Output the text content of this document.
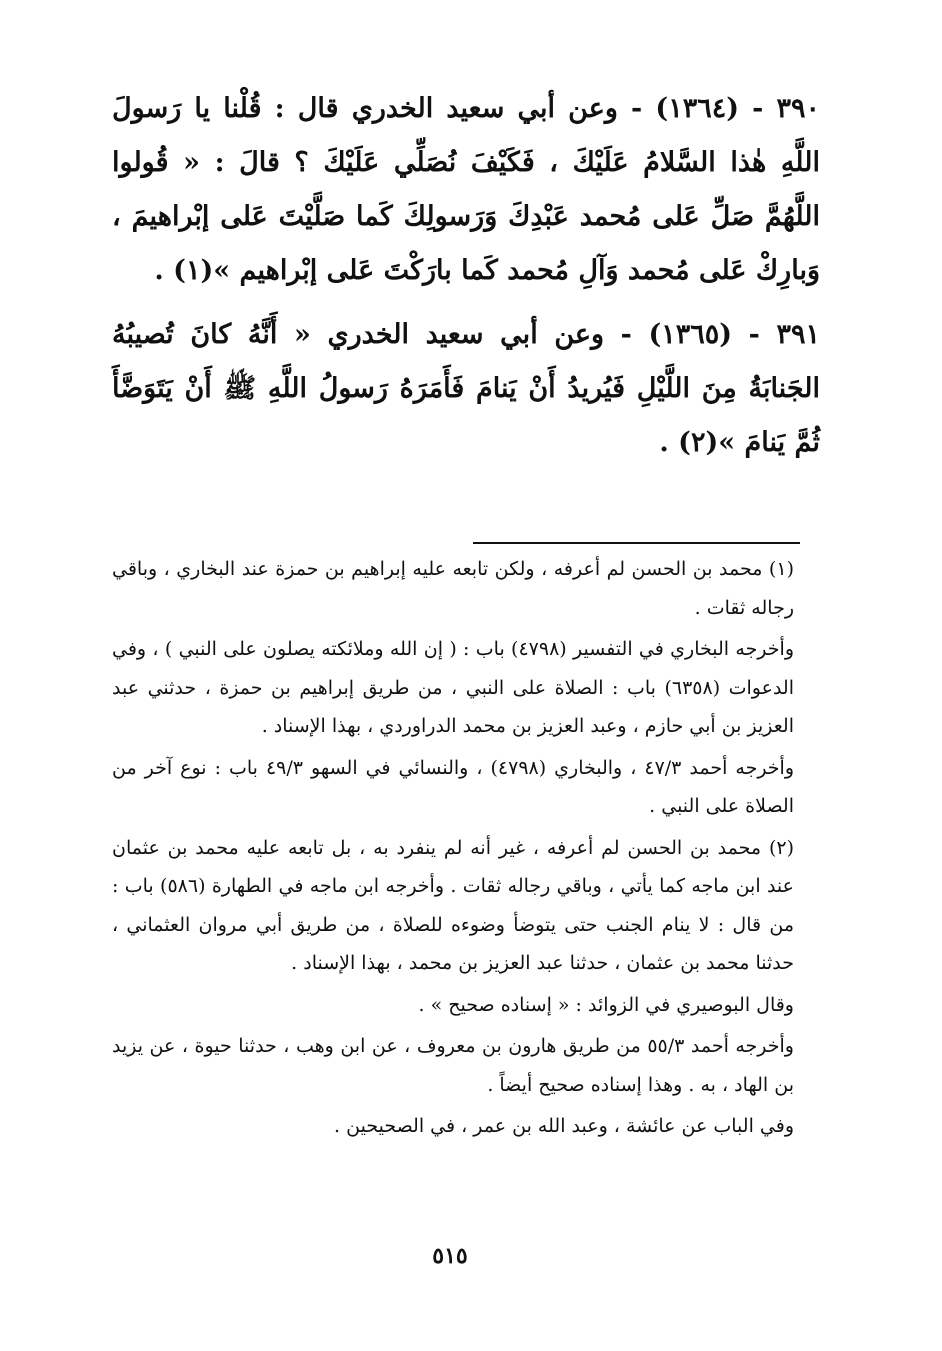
٣٩٠ - (١٣٦٤) - وعن أبي سعيد الخدري قال : قُلْنا يا رَسولَ اللَّهِ هٰذا السَّلامُ عَلَيْكَ ، فَكَيْفَ نُصَلِّي عَلَيْكَ ؟ قالَ : « قُولوا اللَّهُمَّ صَلِّ عَلى مُحمد عَبْدِكَ وَرَسولِكَ كَما صَلَّيْتَ عَلى إبْراهيمَ ، وَبارِكْ عَلى مُحمد وَآلِ مُحمد كَما بارَكْتَ عَلى إبْراهيم »(١) .

٣٩١ - (١٣٦٥) - وعن أبي سعيد الخدري « أَنَّهُ كانَ تُصيبُهُ الجَنابَةُ مِنَ اللَّيْلِ فَيُريدُ أَنْ يَنامَ فَأَمَرَهُ رَسولُ اللَّهِ ﷺ أَنْ يَتَوَضَّأَ ثُمَّ يَنامَ »(٢) .

(١) محمد بن الحسن لم أعرفه ، ولكن تابعه عليه إبراهيم بن حمزة عند البخاري ، وباقي رجاله ثقات .

وأخرجه البخاري في التفسير (٤٧٩٨) باب : ( إن الله وملائكته يصلون على النبي ) ، وفي الدعوات (٦٣٥٨) باب : الصلاة على النبي ، من طريق إبراهيم بن حمزة ، حدثني عبد العزيز بن أبي حازم ، وعبد العزيز بن محمد الدراوردي ، بهذا الإسناد .

وأخرجه أحمد ٤٧/٣ ، والبخاري (٤٧٩٨) ، والنسائي في السهو ٤٩/٣ باب : نوع آخر من الصلاة على النبي .

(٢) محمد بن الحسن لم أعرفه ، غير أنه لم ينفرد به ، بل تابعه عليه محمد بن عثمان عند ابن ماجه كما يأتي ، وباقي رجاله ثقات . وأخرجه ابن ماجه في الطهارة (٥٨٦) باب : من قال : لا ينام الجنب حتى يتوضأ وضوءه للصلاة ، من طريق أبي مروان العثماني ، حدثنا محمد بن عثمان ، حدثنا عبد العزيز بن محمد ، بهذا الإسناد .

وقال البوصيري في الزوائد : « إسناده صحيح » .

وأخرجه أحمد ٥٥/٣ من طريق هارون بن معروف ، عن ابن وهب ، حدثنا حيوة ، عن يزيد بن الهاد ، به . وهذا إسناده صحيح أيضاً .

وفي الباب عن عائشة ، وعبد الله بن عمر ، في الصحيحين .

٥١٥
